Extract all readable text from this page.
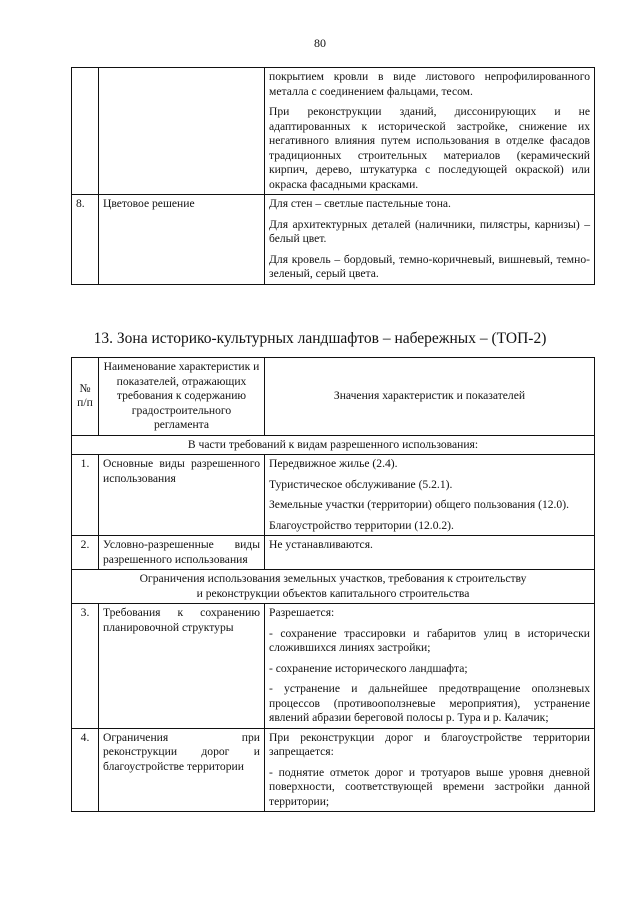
80

		покрытием кровли в виде листового непрофилированного металла с соединением фальцами, тесом.

При реконструкции зданий, диссонирующих и не адаптированных к исторической застройке, снижение их негативного влияния путем использования в отделке фасадов традиционных строительных материалов (керамический кирпич, дерево, штукатурка с последующей окраской) или окраска фасадными красками.

8.	Цветовое решение	Для стен – светлые пастельные тона.

Для архитектурных деталей (наличники, пилястры, карнизы) – белый цвет.

Для кровель – бордовый, темно-коричневый, вишневый, темно-зеленый, серый цвета.

13. Зона историко-культурных ландшафтов – набережных – (ТОП-2)
№ п/п	Наименование характеристик и показателей, отражающих требования к содержанию градостроительного регламента	Значения характеристик и показателей
В части требований к видам разрешенного использования:		
1.	Основные виды разрешенного использования	Передвижное жилье (2.4).

Туристическое обслуживание (5.2.1).

Земельные участки (территории) общего пользования (12.0).

Благоустройство территории (12.0.2).

2.	Условно-разрешенные виды разрешенного использования	Не устанавливаются.

Ограничения использования земельных участков, требования к строительству
и реконструкции объектов капитального строительства		

3.	Требования к сохранению планировочной структуры	Разрешается:

- сохранение трассировки и габаритов улиц в исторически сложившихся линиях застройки;

- сохранение исторического ландшафта;

- устранение и дальнейшее предотвращение оползневых процессов (противооползневые мероприятия), устранение явлений абразии береговой полосы р. Тура и р. Калачик;

4.	Ограничения при реконструкции дорог и благоустройстве территории	При реконструкции дорог и благоустройстве территории запрещается:

- поднятие отметок дорог и тротуаров выше уровня дневной поверхности, соответствующей времени застройки данной территории;
